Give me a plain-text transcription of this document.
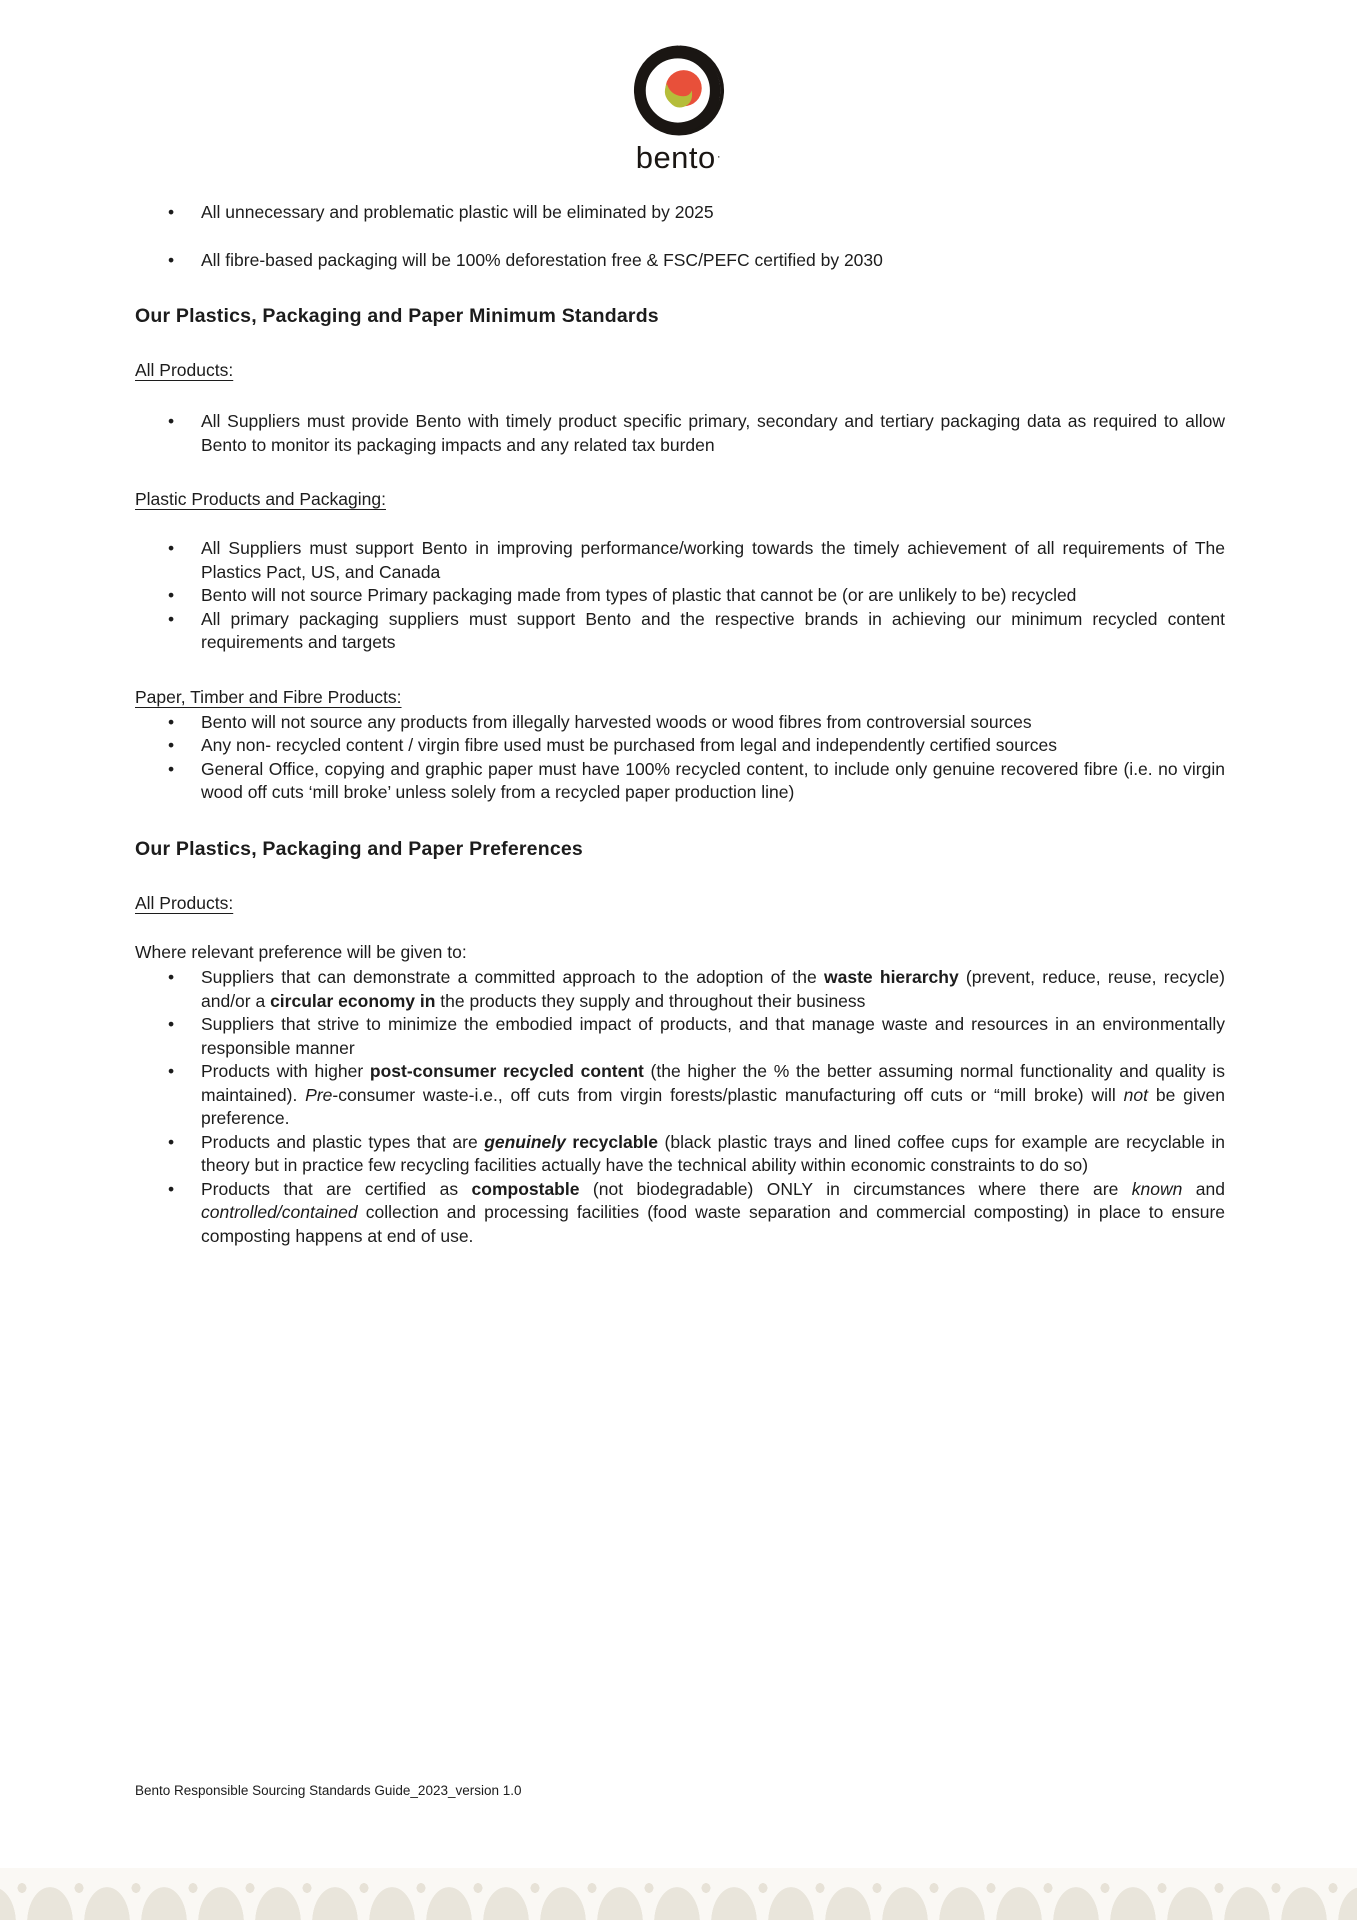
bento·
• All unnecessary and problematic plastic will be eliminated by 2025
• All fibre-based packaging will be 100% deforestation free & FSC/PEFC certified by 2030
Our Plastics, Packaging and Paper Minimum Standards
All Products:
• All Suppliers must provide Bento with timely product specific primary, secondary and tertiary packaging data as required to allow Bento to monitor its packaging impacts and any related tax burden
Plastic Products and Packaging:
• All Suppliers must support Bento in improving performance/working towards the timely achievement of all requirements of The Plastics Pact, US, and Canada
• Bento will not source Primary packaging made from types of plastic that cannot be (or are unlikely to be) recycled
• All primary packaging suppliers must support Bento and the respective brands in achieving our minimum recycled content requirements and targets
Paper, Timber and Fibre Products:
• Bento will not source any products from illegally harvested woods or wood fibres from controversial sources
• Any non- recycled content / virgin fibre used must be purchased from legal and independently certified sources
• General Office, copying and graphic paper must have 100% recycled content, to include only genuine recovered fibre (i.e. no virgin wood off cuts ‘mill broke’ unless solely from a recycled paper production line)
Our Plastics, Packaging and Paper Preferences
All Products:

Where relevant preference will be given to:

• Suppliers that can demonstrate a committed approach to the adoption of the waste hierarchy (prevent, reduce, reuse, recycle) and/or a circular economy in the products they supply and throughout their business
• Suppliers that strive to minimize the embodied impact of products, and that manage waste and resources in an environmentally responsible manner
• Products with higher post-consumer recycled content (the higher the % the better assuming normal functionality and quality is maintained). Pre-consumer waste-i.e., off cuts from virgin forests/plastic manufacturing off cuts or “mill broke) will not be given preference.
• Products and plastic types that are genuinely recyclable (black plastic trays and lined coffee cups for example are recyclable in theory but in practice few recycling facilities actually have the technical ability within economic constraints to do so)
• Products that are certified as compostable (not biodegradable) ONLY in circumstances where there are known and controlled/contained collection and processing facilities (food waste separation and commercial composting) in place to ensure composting happens at end of use.
Bento Responsible Sourcing Standards Guide_2023_version 1.0
